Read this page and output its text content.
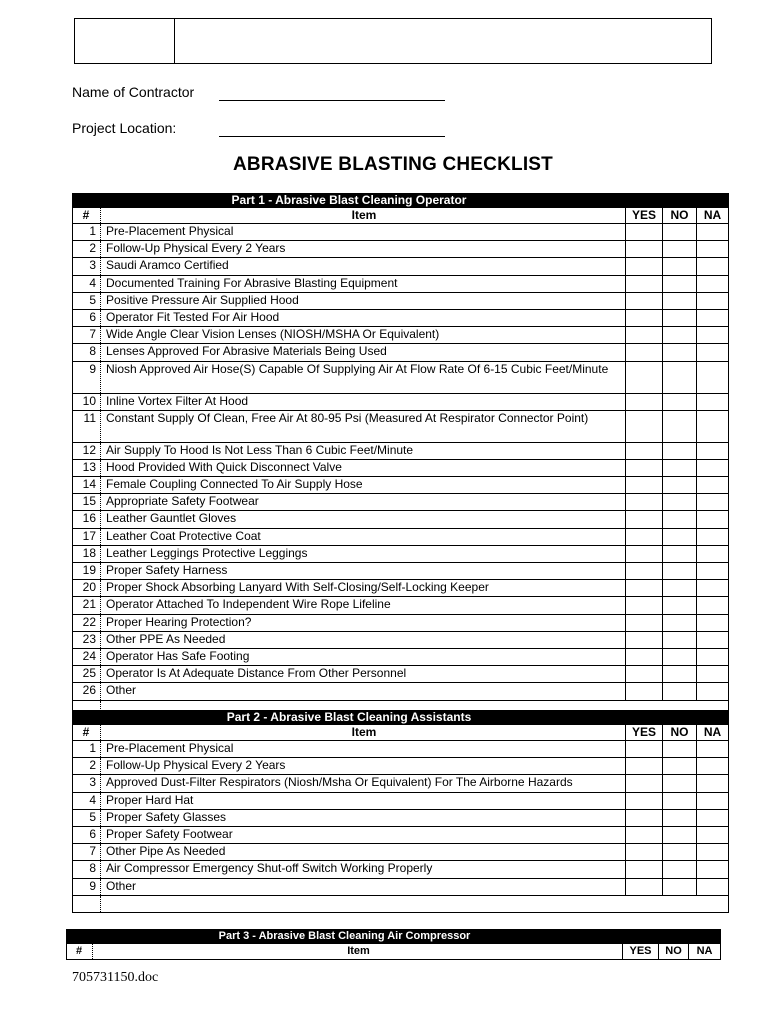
Name of Contractor
Project Location:
ABRASIVE BLASTING CHECKLIST
Part 1 - Abrasive Blast Cleaning Operator				
#	Item	YES	NO	NA
1	Pre-Placement Physical			
2	Follow-Up Physical Every 2 Years			
3	Saudi Aramco Certified			
4	Documented Training For Abrasive Blasting Equipment			
5	Positive Pressure Air Supplied Hood			
6	Operator Fit Tested For Air Hood			
7	Wide Angle Clear Vision Lenses (NIOSH/MSHA Or Equivalent)			
8	Lenses Approved For Abrasive Materials Being Used			
9	Niosh Approved Air Hose(S) Capable Of Supplying Air At Flow Rate Of 6-15 Cubic Feet/Minute			
10	Inline Vortex Filter At Hood			
11	Constant Supply Of Clean, Free Air At 80-95 Psi (Measured At Respirator Connector Point)			
12	Air Supply To Hood Is Not Less Than 6 Cubic Feet/Minute			
13	Hood Provided With Quick Disconnect Valve			
14	Female Coupling Connected To Air Supply Hose			
15	Appropriate Safety Footwear			
16	Leather Gauntlet Gloves			
17	Leather Coat Protective Coat			
18	Leather Leggings Protective Leggings			
19	Proper Safety Harness			
20	Proper Shock Absorbing Lanyard With Self-Closing/Self-Locking Keeper			
21	Operator Attached To Independent Wire Rope Lifeline			
22	Proper Hearing Protection?			
23	Other PPE As Needed			
24	Operator Has Safe Footing			
25	Operator Is At Adequate Distance From Other Personnel			
26	Other			

Part 2 - Abrasive Blast Cleaning Assistants				
#	Item	YES	NO	NA
1	Pre-Placement Physical			
2	Follow-Up Physical Every 2 Years			
3	Approved Dust-Filter Respirators (Niosh/Msha Or Equivalent) For The Airborne Hazards			
4	Proper Hard Hat			
5	Proper Safety Glasses			
6	Proper Safety Footwear			
7	Other Pipe As Needed			
8	Air Compressor Emergency Shut-off Switch Working Properly			
9	Other			

Part 3 - Abrasive Blast Cleaning Air Compressor				
#	Item	YES	NO	NA
705731150.doc
